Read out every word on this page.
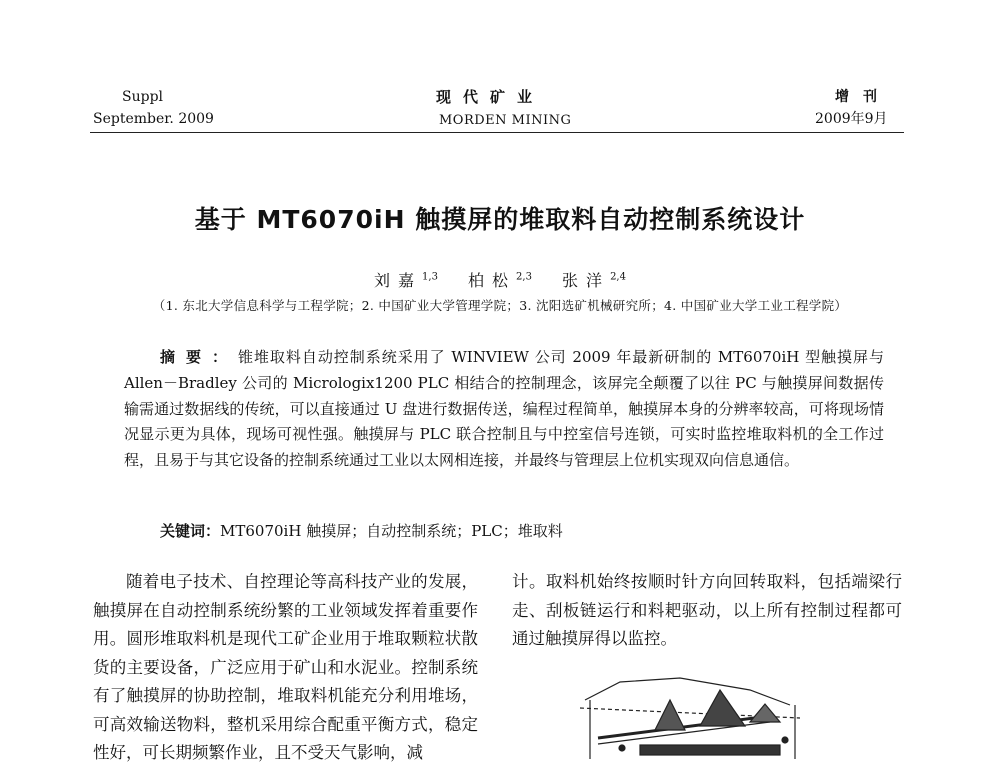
Suppl
September. 2009
现代矿业
MORDEN MINING
增刊
2009年9月
基于 MT6070iH 触摸屏的堆取料自动控制系统设计
刘嘉$^{1,3}$ 柏松$^{2,3}$ 张洋$^{2,4}$
（1. 东北大学信息科学与工程学院；2. 中国矿业大学管理学院；3. 沈阳选矿机械研究所；4. 中国矿业大学工业工程学院）
摘要：锥堆取料自动控制系统采用了 WINVIEW 公司 2009 年最新研制的 MT6070iH 型触摸屏与 Allen－Bradley 公司的 Micrologix1200 PLC 相结合的控制理念，该屏完全颠覆了以往 PC 与触摸屏间数据传输需通过数据线的传统，可以直接通过 U 盘进行数据传送，编程过程简单，触摸屏本身的分辨率较高，可将现场情况显示更为具体，现场可视性强。触摸屏与 PLC 联合控制且与中控室信号连锁，可实时监控堆取料机的全工作过程，且易于与其它设备的控制系统通过工业以太网相连接，并最终与管理层上位机实现双向信息通信。
关键词：MT6070iH 触摸屏；自动控制系统；PLC；堆取料
随着电子技术、自控理论等高科技产业的发展，触摸屏在自动控制系统纷繁的工业领域发挥着重要作用。圆形堆取料机是现代工矿企业用于堆取颗粒状散货的主要设备，广泛应用于矿山和水泥业。控制系统有了触摸屏的协助控制，堆取料机能充分利用堆场，可高效输送物料，整机采用综合配重平衡方式，稳定性好，可长期频繁作业，且不受天气影响，减
计。取料机始终按顺时针方向回转取料，包括端梁行走、刮板链运行和料耙驱动，以上所有控制过程都可通过触摸屏得以监控。
